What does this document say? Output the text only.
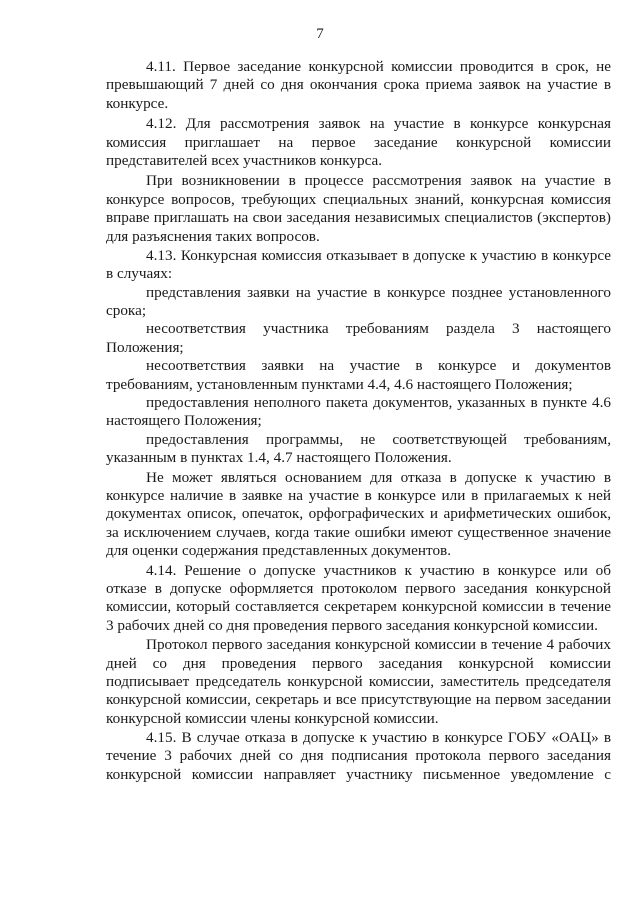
7
4.11. Первое заседание конкурсной комиссии проводится в срок, не
превышающий 7 дней со дня окончания срока приема заявок на участие в
конкурсе.
4.12. Для рассмотрения заявок на участие в конкурсе конкурсная
комиссия приглашает на первое заседание конкурсной комиссии
представителей всех участников конкурса.
При возникновении в процессе рассмотрения заявок на участие в
конкурсе вопросов, требующих специальных знаний, конкурсная комиссия
вправе приглашать на свои заседания независимых специалистов (экспертов)
для разъяснения таких вопросов.
4.13. Конкурсная комиссия отказывает в допуске к участию в конкурсе
в случаях:
представления заявки на участие в конкурсе позднее установленного
срока;
несоответствия участника требованиям раздела 3 настоящего
Положения;
несоответствия заявки на участие в конкурсе и документов
требованиям, установленным пунктами 4.4, 4.6 настоящего Положения;
предоставления неполного пакета документов, указанных в пункте 4.6
настоящего Положения;
предоставления программы, не соответствующей требованиям,
указанным в пунктах 1.4, 4.7 настоящего Положения.
Не может являться основанием для отказа в допуске к участию в
конкурсе наличие в заявке на участие в конкурсе или в прилагаемых к ней
документах описок, опечаток, орфографических и арифметических ошибок,
за исключением случаев, когда такие ошибки имеют существенное значение
для оценки содержания представленных документов.
4.14. Решение о допуске участников к участию в конкурсе или об
отказе в допуске оформляется протоколом первого заседания конкурсной
комиссии, который составляется секретарем конкурсной комиссии в течение
3 рабочих дней со дня проведения первого заседания конкурсной комиссии.
Протокол первого заседания конкурсной комиссии в течение 4 рабочих
дней со дня проведения первого заседания конкурсной комиссии
подписывает председатель конкурсной комиссии, заместитель председателя
конкурсной комиссии, секретарь и все присутствующие на первом заседании
конкурсной комиссии члены конкурсной комиссии.
4.15. В случае отказа в допуске к участию в конкурсе ГОБУ «ОАЦ» в
течение 3 рабочих дней со дня подписания протокола первого заседания
конкурсной комиссии направляет участнику письменное уведомление с
